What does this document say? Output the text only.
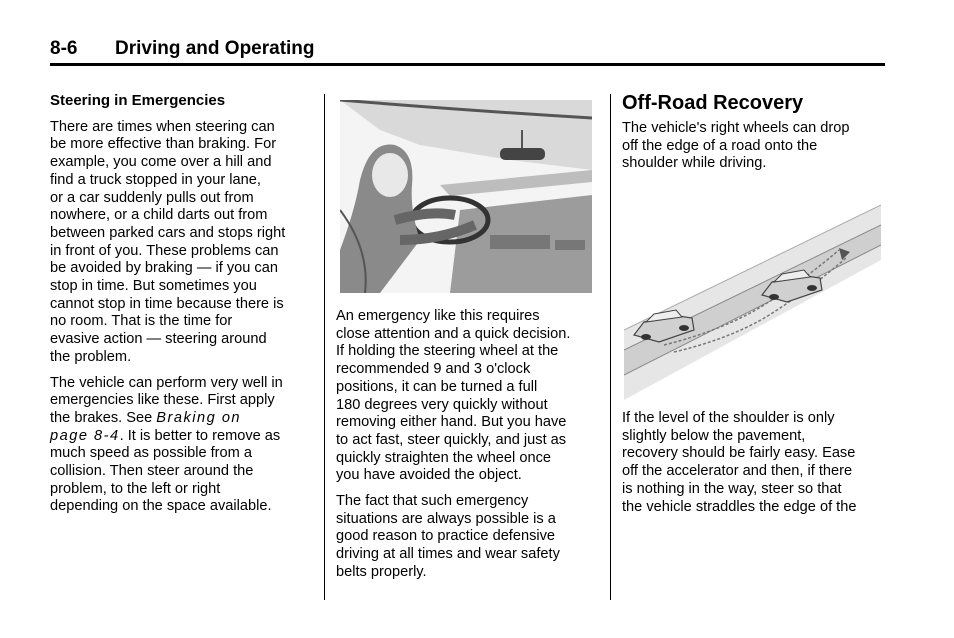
8-6 Driving and Operating
Steering in Emergencies

There are times when steering can
be more effective than braking. For
example, you come over a hill and
find a truck stopped in your lane,
or a car suddenly pulls out from
nowhere, or a child darts out from
between parked cars and stops right
in front of you. These problems can
be avoided by braking — if you can
stop in time. But sometimes you
cannot stop in time because there is
no room. That is the time for
evasive action — steering around
the problem.

The vehicle can perform very well in
emergencies like these. First apply
the brakes. See Braking on
page 8‑4. It is better to remove as
much speed as possible from a
collision. Then steer around the
problem, to the left or right
depending on the space available.

An emergency like this requires
close attention and a quick decision.
If holding the steering wheel at the
recommended 9 and 3 o'clock
positions, it can be turned a full
180 degrees very quickly without
removing either hand. But you have
to act fast, steer quickly, and just as
quickly straighten the wheel once
you have avoided the object.

The fact that such emergency
situations are always possible is a
good reason to practice defensive
driving at all times and wear safety
belts properly.

Off-Road Recovery

The vehicle's right wheels can drop
off the edge of a road onto the
shoulder while driving.

If the level of the shoulder is only
slightly below the pavement,
recovery should be fairly easy. Ease
off the accelerator and then, if there
is nothing in the way, steer so that
the vehicle straddles the edge of the
